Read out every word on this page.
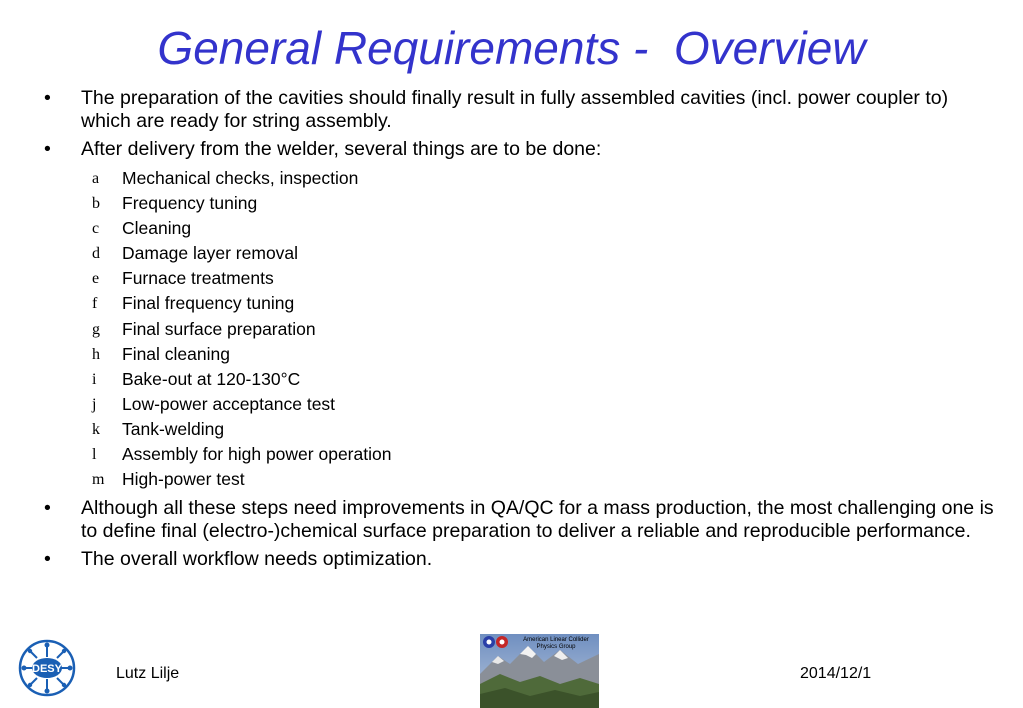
General Requirements -  Overview
•	The preparation of the cavities should finally result in fully assembled cavities (incl. power coupler to) which are ready for string assembly.
•	After delivery from the welder, several things are to be done:
a Mechanical checks, inspection
b Frequency tuning
c Cleaning
d Damage layer removal
e Furnace treatments
f Final frequency tuning
g Final surface preparation
h Final cleaning
i Bake-out at 120-130°C
j Low-power acceptance test
k Tank-welding
l Assembly for high power operation
m High-power test
•	Although all these steps need improvements in QA/QC for a mass production, the most challenging one is to define final (electro-)chemical surface preparation to deliver a reliable and reproducible performance.
•	The overall workflow needs optimization.
DESY	Lutz Lilje
American Linear Collider
Physics Group
2014/12/1
